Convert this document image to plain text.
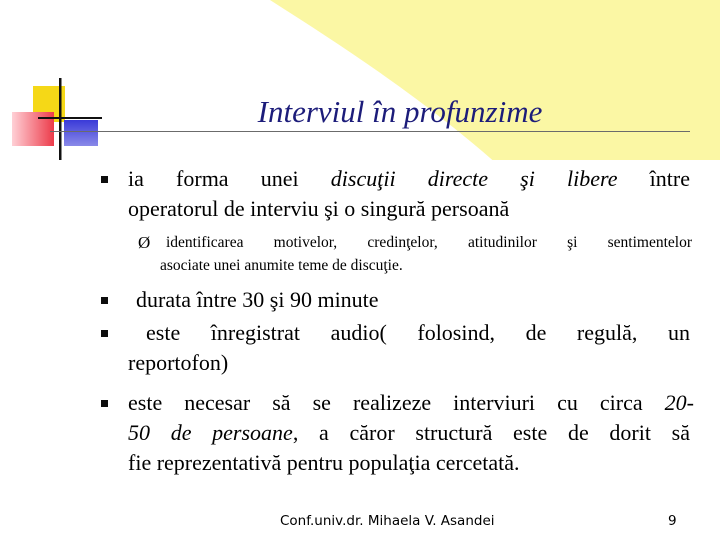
Interviul în profunzime
ia forma unei discuţii directe şi libere între
operatorul de interviu şi o singură persoană
Ø identificarea motivelor, credinţelor, atitudinilor şi sentimentelor
asociate unei anumite teme de discuţie.
durata între 30 şi 90 minute
este înregistrat audio( folosind, de regulă, un
reportofon)
este necesar să se realizeze interviuri cu circa 20-
50 de persoane, a căror structură este de dorit să
fie reprezentativă pentru populaţia cercetată.
Conf.univ.dr. Mihaela V. Asandei	9
